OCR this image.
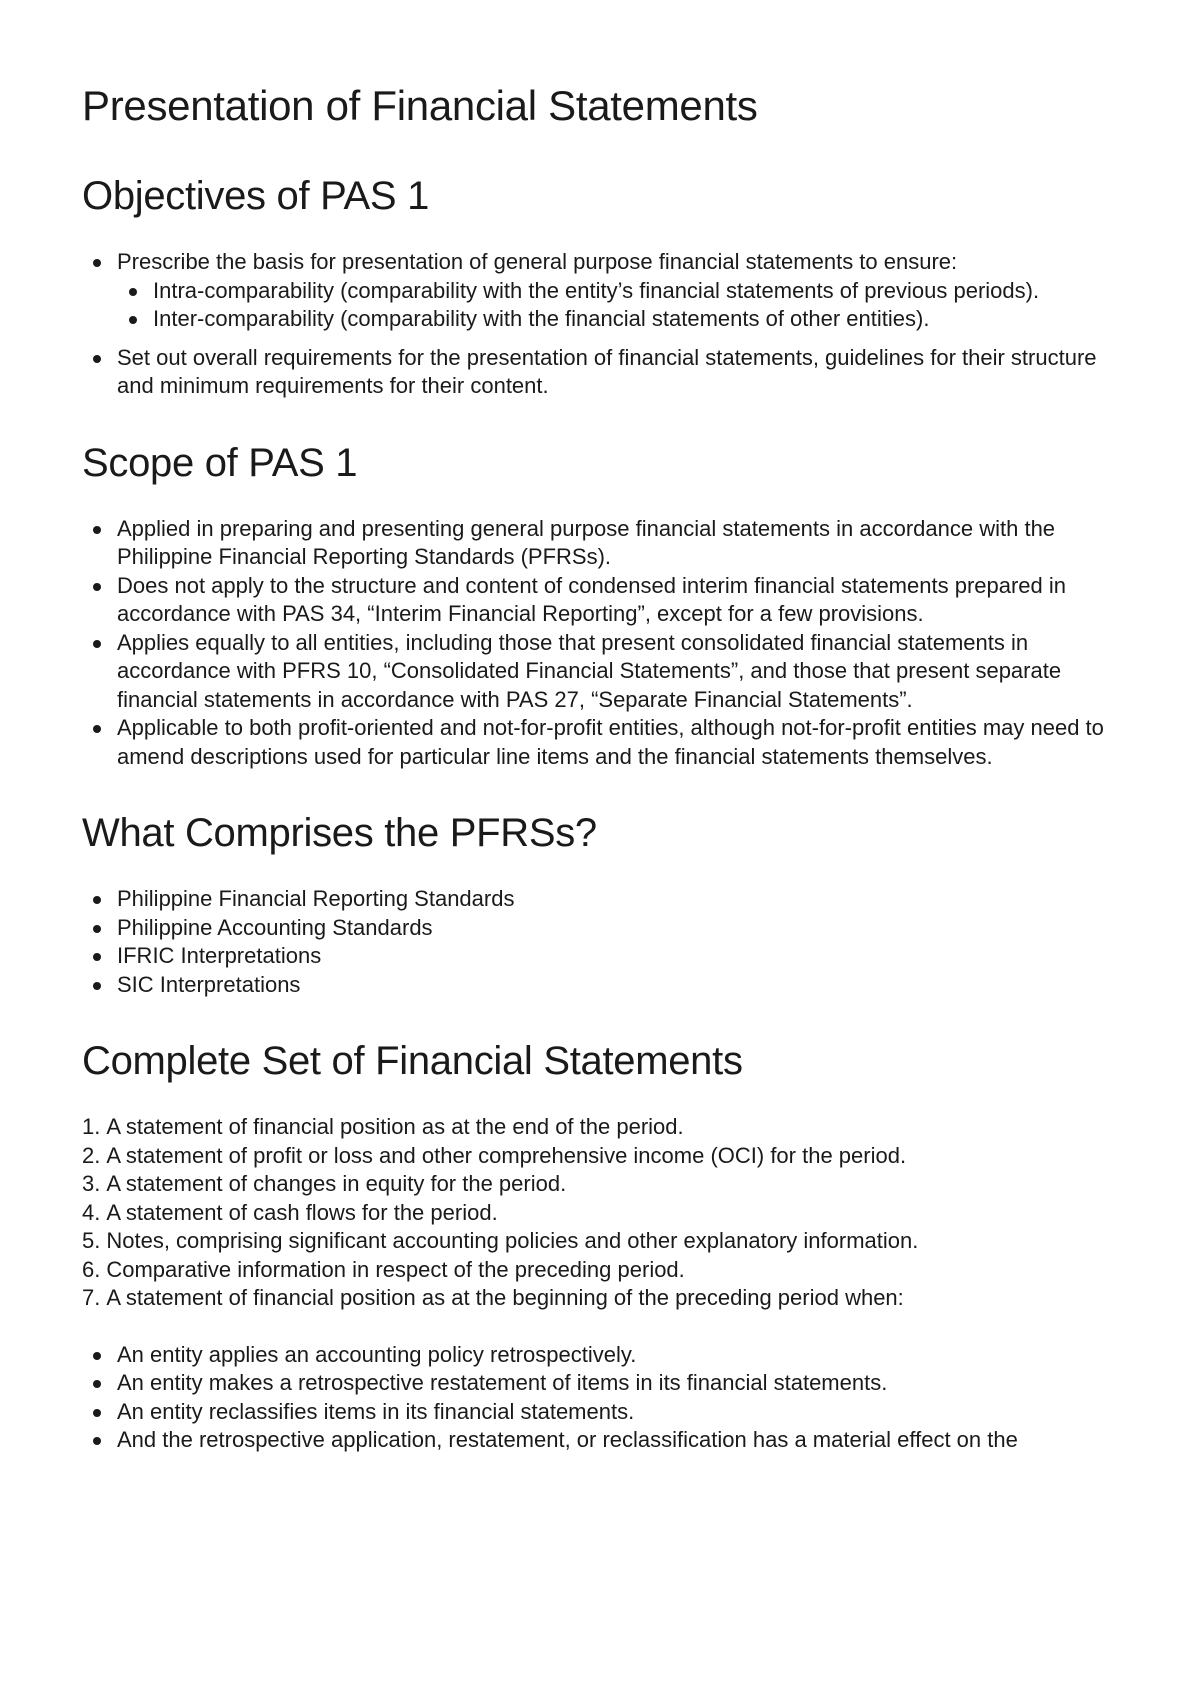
Presentation of Financial Statements
Objectives of PAS 1
Prescribe the basis for presentation of general purpose financial statements to ensure:
Intra-comparability (comparability with the entity’s financial statements of previous periods).
Inter-comparability (comparability with the financial statements of other entities).
Set out overall requirements for the presentation of financial statements, guidelines for their structure and minimum requirements for their content.
Scope of PAS 1
Applied in preparing and presenting general purpose financial statements in accordance with the Philippine Financial Reporting Standards (PFRSs).
Does not apply to the structure and content of condensed interim financial statements prepared in accordance with PAS 34, “Interim Financial Reporting”, except for a few provisions.
Applies equally to all entities, including those that present consolidated financial statements in accordance with PFRS 10, “Consolidated Financial Statements”, and those that present separate financial statements in accordance with PAS 27, “Separate Financial Statements”.
Applicable to both profit-oriented and not-for-profit entities, although not-for-profit entities may need to amend descriptions used for particular line items and the financial statements themselves.
What Comprises the PFRSs?
Philippine Financial Reporting Standards
Philippine Accounting Standards
IFRIC Interpretations
SIC Interpretations
Complete Set of Financial Statements
1. A statement of financial position as at the end of the period.
2. A statement of profit or loss and other comprehensive income (OCI) for the period.
3. A statement of changes in equity for the period.
4. A statement of cash flows for the period.
5. Notes, comprising significant accounting policies and other explanatory information.
6. Comparative information in respect of the preceding period.
7. A statement of financial position as at the beginning of the preceding period when:
An entity applies an accounting policy retrospectively.
An entity makes a retrospective restatement of items in its financial statements.
An entity reclassifies items in its financial statements.
And the retrospective application, restatement, or reclassification has a material effect on the
